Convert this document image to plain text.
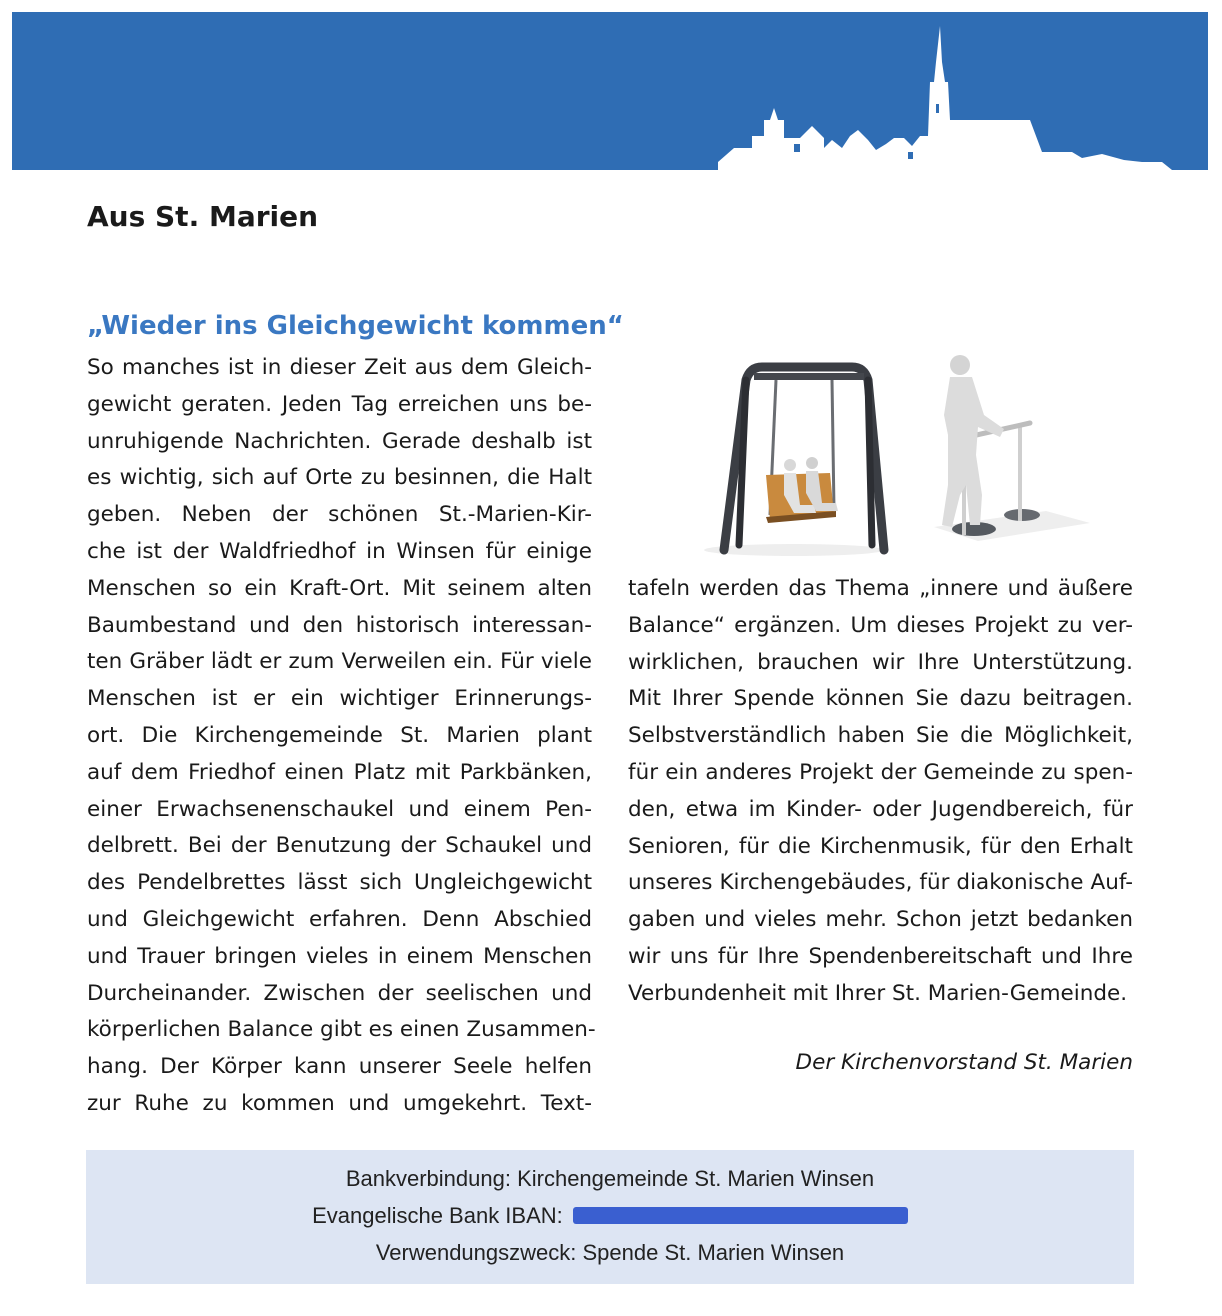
Aus St. Marien
„Wieder ins Gleichgewicht kommen“
So manches ist in dieser Zeit aus dem Gleich-
gewicht geraten. Jeden Tag erreichen uns be-
unruhigende Nachrichten. Gerade deshalb ist
es wichtig, sich auf Orte zu besinnen, die Halt
geben. Neben der schönen St.-Marien-Kir-
che ist der Waldfriedhof in Winsen für einige
Menschen so ein Kraft-Ort. Mit seinem alten
Baumbestand und den historisch interessan-
ten Gräber lädt er zum Verweilen ein. Für viele
Menschen ist er ein wichtiger Erinnerungs-
ort. Die Kirchengemeinde St. Marien plant
auf dem Friedhof einen Platz mit Parkbänken,
einer Erwachsenenschaukel und einem Pen-
delbrett. Bei der Benutzung der Schaukel und
des Pendelbrettes lässt sich Ungleichgewicht
und Gleichgewicht erfahren. Denn Abschied
und Trauer bringen vieles in einem Menschen
Durcheinander. Zwischen der seelischen und
körperlichen Balance gibt es einen Zusammen-
hang. Der Körper kann unserer Seele helfen
zur Ruhe zu kommen und umgekehrt. Text-
tafeln werden das Thema „innere und äußere
Balance“ ergänzen. Um dieses Projekt zu ver-
wirklichen, brauchen wir Ihre Unterstützung.
Mit Ihrer Spende können Sie dazu beitragen.
Selbstverständlich haben Sie die Möglichkeit,
für ein anderes Projekt der Gemeinde zu spen-
den, etwa im Kinder- oder Jugendbereich, für
Senioren, für die Kirchenmusik, für den Erhalt
unseres Kirchengebäudes, für diakonische Auf-
gaben und vieles mehr. Schon jetzt bedanken
wir uns für Ihre Spendenbereitschaft und Ihre
Verbundenheit mit Ihrer St. Marien-Gemeinde.
Der Kirchenvorstand St. Marien
Bankverbindung: Kirchengemeinde St. Marien Winsen
Evangelische Bank IBAN:
Verwendungszweck: Spende St. Marien Winsen
